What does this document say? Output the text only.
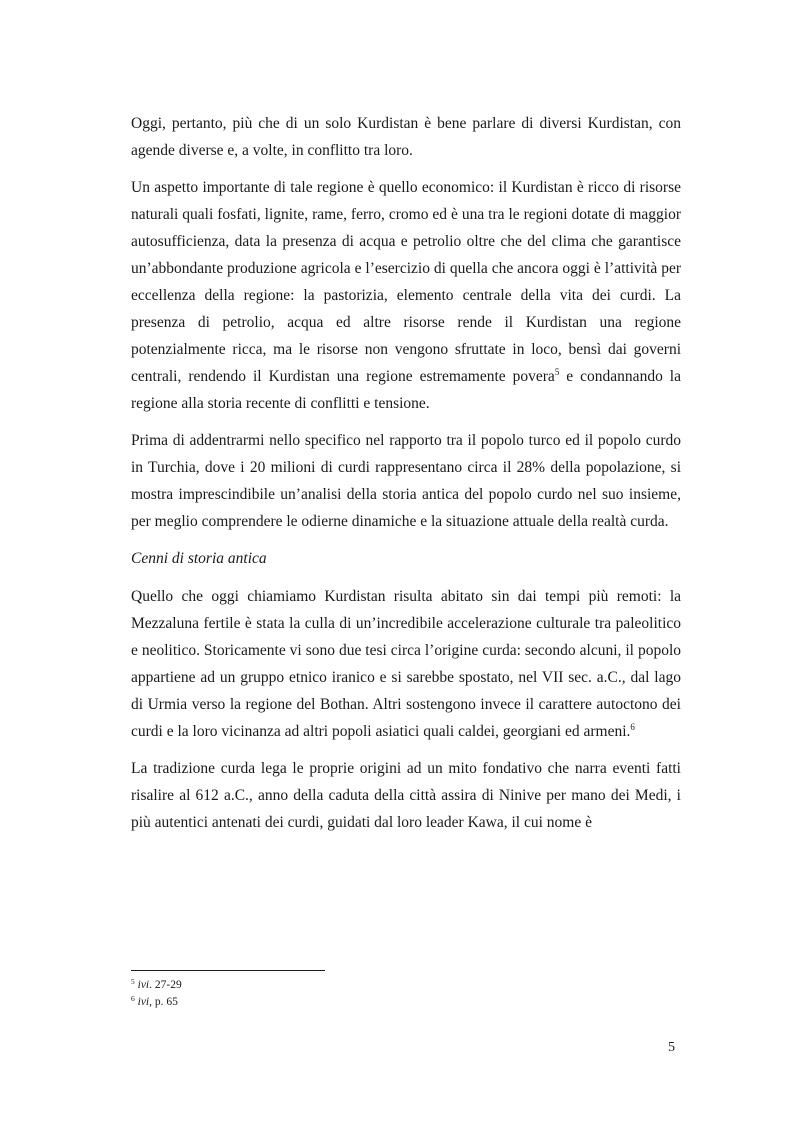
Oggi, pertanto, più che di un solo Kurdistan è bene parlare di diversi Kurdistan, con agende diverse e, a volte, in conflitto tra loro.

Un aspetto importante di tale regione è quello economico: il Kurdistan è ricco di risorse naturali quali fosfati, lignite, rame, ferro, cromo ed è una tra le regioni dotate di maggior autosufficienza, data la presenza di acqua e petrolio oltre che del clima che garantisce un’abbondante produzione agricola e l’esercizio di quella che ancora oggi è l’attività per eccellenza della regione: la pastorizia, elemento centrale della vita dei curdi. La presenza di petrolio, acqua ed altre risorse rende il Kurdistan una regione potenzialmente ricca, ma le risorse non vengono sfruttate in loco, bensì dai governi centrali, rendendo il Kurdistan una regione estremamente povera$^5$ e condannando la regione alla storia recente di conflitti e tensione.

Prima di addentrarmi nello specifico nel rapporto tra il popolo turco ed il popolo curdo in Turchia, dove i 20 milioni di curdi rappresentano circa il 28% della popolazione, si mostra imprescindibile un’analisi della storia antica del popolo curdo nel suo insieme, per meglio comprendere le odierne dinamiche e la situazione attuale della realtà curda.

Cenni di storia antica

Quello che oggi chiamiamo Kurdistan risulta abitato sin dai tempi più remoti: la Mezzaluna fertile è stata la culla di un’incredibile accelerazione culturale tra paleolitico e neolitico. Storicamente vi sono due tesi circa l’origine curda: secondo alcuni, il popolo appartiene ad un gruppo etnico iranico e si sarebbe spostato, nel VII sec. a.C., dal lago di Urmia verso la regione del Bothan. Altri sostengono invece il carattere autoctono dei curdi e la loro vicinanza ad altri popoli asiatici quali caldei, georgiani ed armeni.$^6$

La tradizione curda lega le proprie origini ad un mito fondativo che narra eventi fatti risalire al 612 a.C., anno della caduta della città assira di Ninive per mano dei Medi, i più autentici antenati dei curdi, guidati dal loro leader Kawa, il cui nome è

$^5$ ivi. 27-29

$^6$ ivi, p. 65

5
